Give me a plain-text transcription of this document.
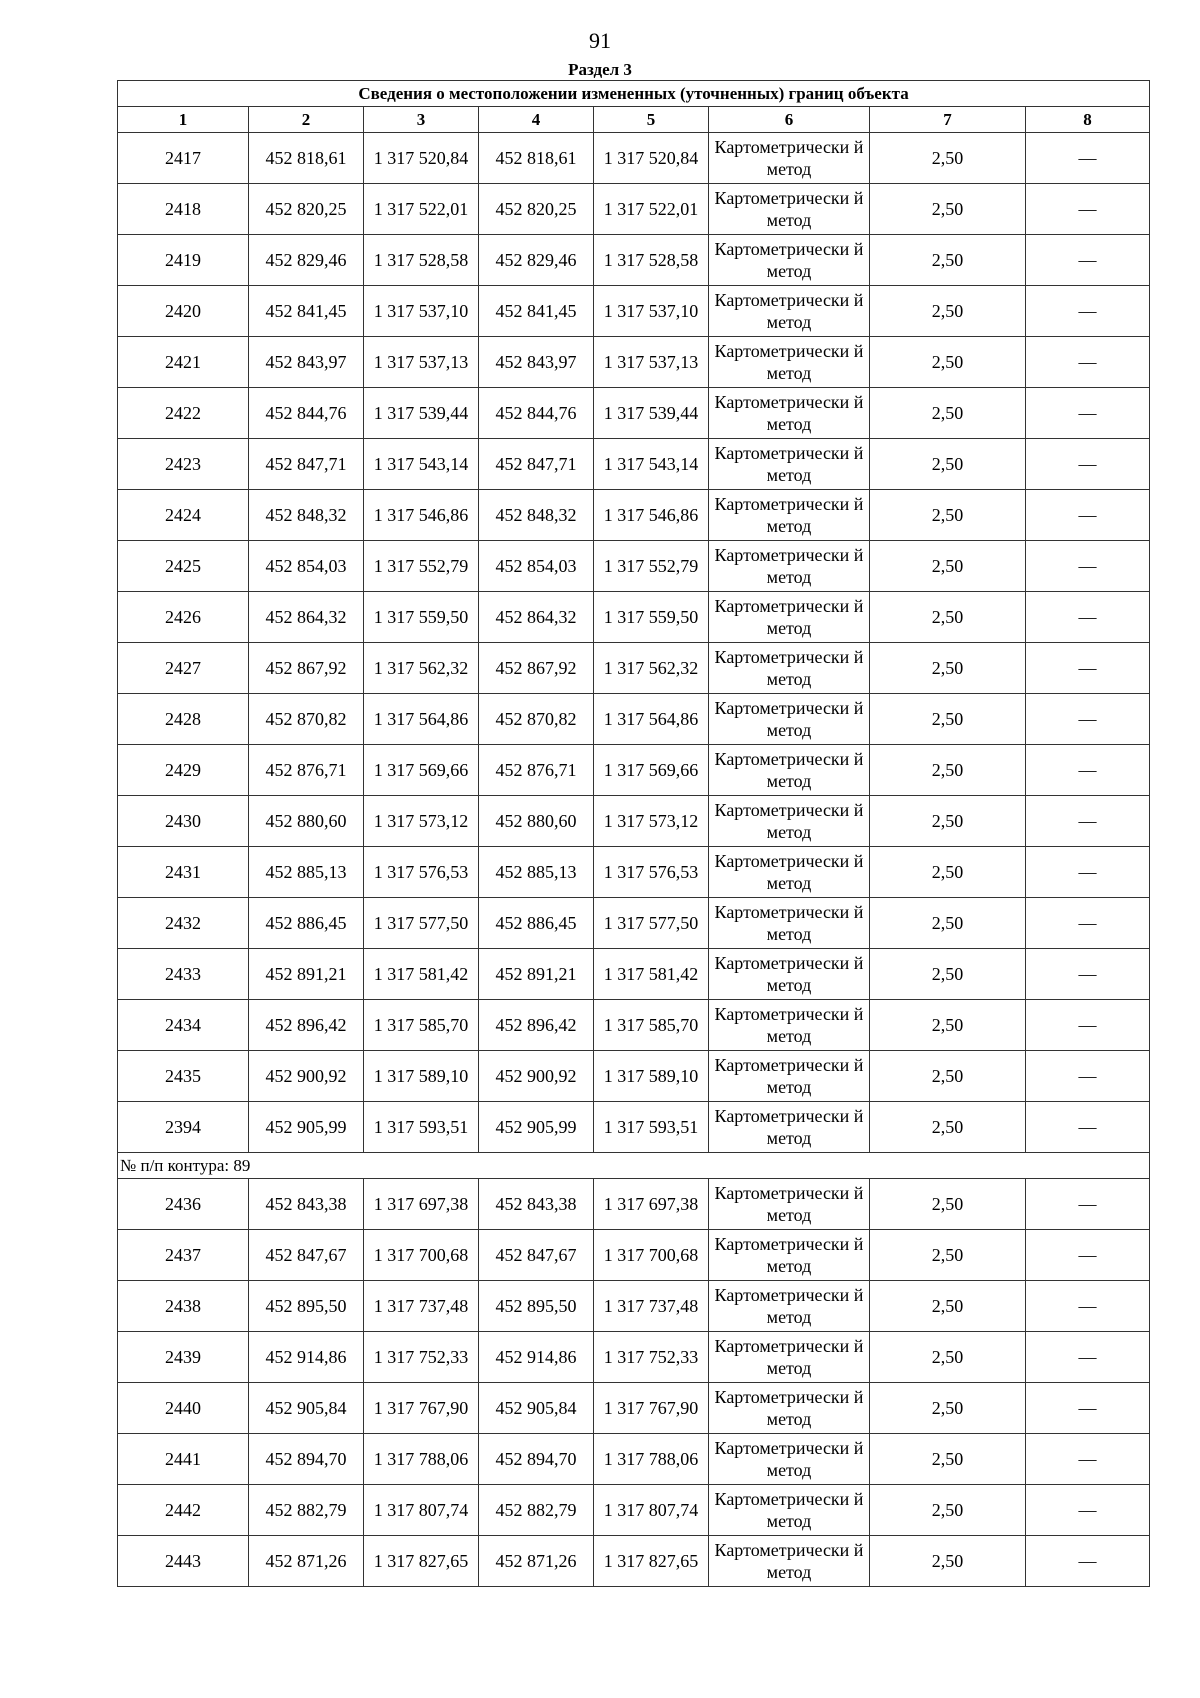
91
Раздел 3
Сведения о местоположении измененных (уточненных) границ объекта							
1	2	3	4	5	6	7	8
2417	452 818,61	1 317 520,84	452 818,61	1 317 520,84	Картометрически й метод	2,50	—
2418	452 820,25	1 317 522,01	452 820,25	1 317 522,01	Картометрически й метод	2,50	—
2419	452 829,46	1 317 528,58	452 829,46	1 317 528,58	Картометрически й метод	2,50	—
2420	452 841,45	1 317 537,10	452 841,45	1 317 537,10	Картометрически й метод	2,50	—
2421	452 843,97	1 317 537,13	452 843,97	1 317 537,13	Картометрически й метод	2,50	—
2422	452 844,76	1 317 539,44	452 844,76	1 317 539,44	Картометрически й метод	2,50	—
2423	452 847,71	1 317 543,14	452 847,71	1 317 543,14	Картометрически й метод	2,50	—
2424	452 848,32	1 317 546,86	452 848,32	1 317 546,86	Картометрически й метод	2,50	—
2425	452 854,03	1 317 552,79	452 854,03	1 317 552,79	Картометрически й метод	2,50	—
2426	452 864,32	1 317 559,50	452 864,32	1 317 559,50	Картометрически й метод	2,50	—
2427	452 867,92	1 317 562,32	452 867,92	1 317 562,32	Картометрически й метод	2,50	—
2428	452 870,82	1 317 564,86	452 870,82	1 317 564,86	Картометрически й метод	2,50	—
2429	452 876,71	1 317 569,66	452 876,71	1 317 569,66	Картометрически й метод	2,50	—
2430	452 880,60	1 317 573,12	452 880,60	1 317 573,12	Картометрически й метод	2,50	—
2431	452 885,13	1 317 576,53	452 885,13	1 317 576,53	Картометрически й метод	2,50	—
2432	452 886,45	1 317 577,50	452 886,45	1 317 577,50	Картометрически й метод	2,50	—
2433	452 891,21	1 317 581,42	452 891,21	1 317 581,42	Картометрически й метод	2,50	—
2434	452 896,42	1 317 585,70	452 896,42	1 317 585,70	Картометрически й метод	2,50	—
2435	452 900,92	1 317 589,10	452 900,92	1 317 589,10	Картометрически й метод	2,50	—
2394	452 905,99	1 317 593,51	452 905,99	1 317 593,51	Картометрически й метод	2,50	—
№ п/п контура: 89							
2436	452 843,38	1 317 697,38	452 843,38	1 317 697,38	Картометрически й метод	2,50	—
2437	452 847,67	1 317 700,68	452 847,67	1 317 700,68	Картометрически й метод	2,50	—
2438	452 895,50	1 317 737,48	452 895,50	1 317 737,48	Картометрически й метод	2,50	—
2439	452 914,86	1 317 752,33	452 914,86	1 317 752,33	Картометрически й метод	2,50	—
2440	452 905,84	1 317 767,90	452 905,84	1 317 767,90	Картометрически й метод	2,50	—
2441	452 894,70	1 317 788,06	452 894,70	1 317 788,06	Картометрически й метод	2,50	—
2442	452 882,79	1 317 807,74	452 882,79	1 317 807,74	Картометрически й метод	2,50	—
2443	452 871,26	1 317 827,65	452 871,26	1 317 827,65	Картометрически й метод	2,50	—
